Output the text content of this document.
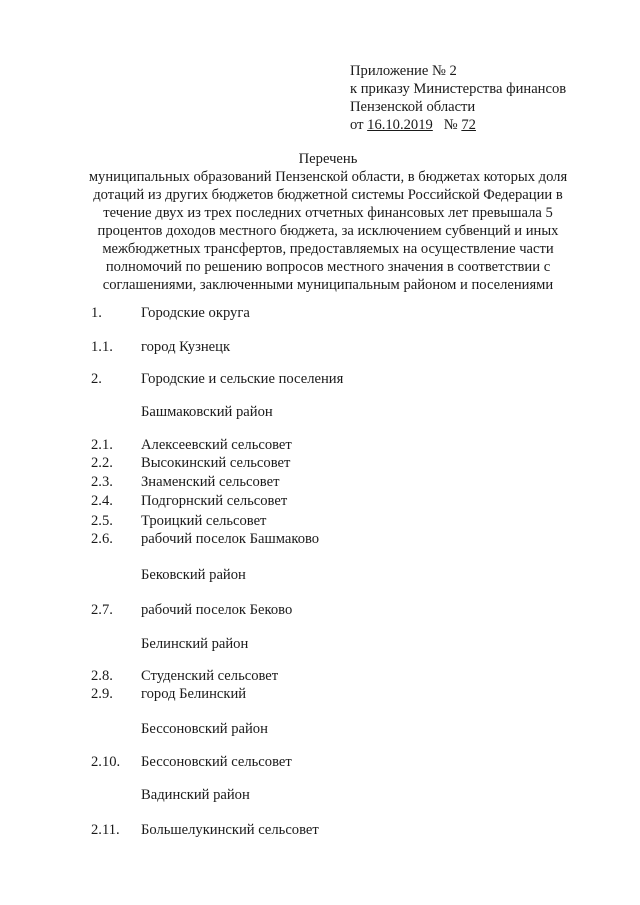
Приложение № 2
к приказу Министерства финансов
Пензенской области
от 16.10.2019 № 72
Перечень
муниципальных образований Пензенской области, в бюджетах которых доля
дотаций из других бюджетов бюджетной системы Российской Федерации в
течение двух из трех последних отчетных финансовых лет превышала 5
процентов доходов местного бюджета, за исключением субвенций и иных
межбюджетных трансфертов, предоставляемых на осуществление части
полномочий по решению вопросов местного значения в соответствии с
соглашениями, заключенными муниципальным районом и поселениями
1.	Городские округа
1.1. город Кузнецк
2.	Городские и сельские поселения
Башмаковский район
2.1. Алексеевский сельсовет
2.2. Высокинский сельсовет
2.3. Знаменский сельсовет
2.4. Подгорнский сельсовет
2.5. Троицкий сельсовет
2.6. рабочий поселок Башмаково
Бековский район
2.7. рабочий поселок Беково
Белинский район
2.8. Студенский сельсовет
2.9. город Белинский
Бессоновский район
2.10. Бессоновский сельсовет
Вадинский район
2.11. Большелукинский сельсовет
